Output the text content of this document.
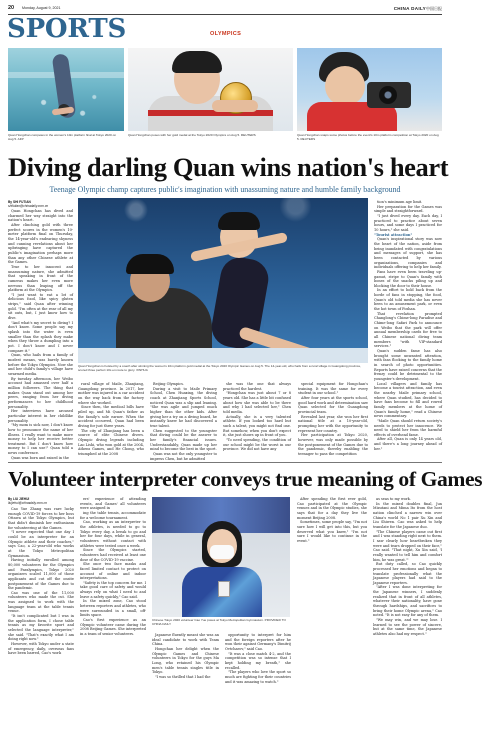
20 Monday, August 9, 2021	CHINA DAILY 中国日报
SPORTS	OLYMPICS
Quan Hongchan competes in the women's 10m platform final at Tokyo 2020 on Aug 5. AFP
Quan Hongchan poses with her gold medal at the Tokyo 2020 Olympics on Aug 5. REUTERS	Quan Hongchan snaps some photos before the event's 10m platform competition at Tokyo 2020 on Aug 5. REUTERS
Diving darling Quan wins nation's heart
Teenage Olympic champ captures public's imagination with unassuming nature and humble family background
By SHI FUTIAN
shifutian@chinadaily.com.cn

Quan Hongchan has dived and charmed her way straight into the nation's heart.

After clinching gold with three perfect scores in the women's 10-meter platform final on Thursday, the 14-year-old's endearing shyness and cunning revelations about her upbringing have captured the public's imagination perhaps more than any other Chinese athlete at the Games.

True to her innocent and unassuming nature, she admitted that speaking in front of the cameras makes her even more nervous than leaping off the platform at the Olympics.

"I just want to eat a lot of delicious food, like spicy gluten strips," said Quan after winning gold. "I'm often at the rear of all my sit outs, but, I just know how to dive.

"And what's my secret to diving? I don't know. Some people say my splash into the water is even smaller than the splash they make when they throw a dumpling into a pot. I don't know and I never compare it."

Quan, who hails from a family of modest means, was barely known before the Tokyo Olympics. Now she and her child's family's village have swarmed media.

By tuesday afternoon, her Weibo account had amassed over half a million followers. The thing that makes Quan stand out among her peers, ranging from her diving performances to her childhood personality.

Her interviews have aroused particular interest in her childlike personality.

"My mom is sick now, I don't know how to pronounce the name of her illness. I really want to make more money to help her receive better treatment. But I don't know how money to I can use!" Quan told a news conference.

Quan was born and raised in the

Quan Hongchan is hoisted by a coach after winning the women's 10m platform gold medal at the Tokyo 2020 Olympic Games on Aug 5. The 14-year-old, who hails from a rural village in Guangdong province, scored three perfect 10s en route to glory. XINHUA

rural village of Maile, Zhanjiang, Guangdong province. In 2017, her mother was injured in a car accident on the way back from the factory where she worked.

Since then, the medical bills have piled up, and Mi Quan's father as the family's sole earner. When the accident occurred, Quan had been diving for just three years.

The city of Zhanjiang has been a source of elite Chinese divers. Olympic diving legends including Lao Lishi, who won gold at the 2004, Athens Games, and He Chong, who triumphed at the 2008

Beijing Olympics.

During a visit to Maile Primary School, Chen Huaxing, the diving coach at Zhanjiang Sports School, noticed Quan was a slip and leaning. "She was agile and jumped much higher than the other kids. After giving her a try on a diving board, he instantly knew he had discovered a true talent.

Chen suggested to the youngster that diving could be the answer to her family's financial issues. Understandably, Quan made up her mind to become the best in the sport.

Quan was not the only youngster to impress Chen, but he admitted

she was the one that always practiced the hardest.

"Hongchan was just about 7 or 8 years old. She has a little bit confused about how she was able to be there and why I had selected her," Chen told media.

Actually, she is a very talented athlete. If you looked too hard but such a talent, you might not find one. But somehow, when you don't expect it, she just shows up in front of you.

"To need spending, the condition of our school might be the worst in our province. We did not have any

special equipment for Hongchan's training. It was the same for every student in our school."

After four years at the sports school, good hard work and determination saw Quan selected for the Guangdong provincial team.

Revealed last year, she won her first national title at a 10-year-old, prompting her with the opportunity to represent her country.

Her participation at Tokyo 2020, however, was only made possible by the postponement of the Games due to the pandemic, thereby enabling the teenager to pass the competition

tion's minimum age limit.

Her preparation for the Games was simple and straightforward.

"I just dived every day. Each day, I practiced to practice about seven hours, and some days I practiced for 10 hours," she said.

"Tourist attraction"

Quan's inspirational story was now the heart of the nation, aside from being inundated with congratulations and messages of support, she has been contacted by various organizations, companies and individuals offering to help her family.

Fans have even been traveling up-gamut, stripe to Quan's family with bones of the snacks piling up and blocking the door to their house.

In an effort to hold back from the horde of fans in stopping, the food, Quan's old told media she has never been to an amusement park, or even the hot town of Foshan.

That revelation prompted Changlong's Chime-long Paradise and Chime-long Safari Park to announce on Weibo that the park will offer annual membership cards for free to all Chinese national diving team members "with VIP-standard services."

Quan's sudden fame has also brought some unwanted attention, with fans flocking to the family home in search of photo opportunities. Reports have raised concerns that the frenzy could be detrimental to the youngster's development.

Local villagers and family has become a tourist attraction, and even the nearby Maile primary school, where Quan studied, has decided to have fans become to fill and rowed family members at the home of Quan's family home," read a Chinese news commentary.

"Maile Quan should return society's needs to protect her innocence. We need to shield her from the harmful effects of overhead fame.

After all, Quan is only 14 years old, and there's a long journey ahead of her."

Volunteer interpreter conveys true meaning of Games
By LIU JIEHUI
liujiehui@chinadaily.com.cn

Cao Yue Zhang was rare lucky enough COVID-19 forces to her boss Ottawa at the Tokyo Olympics, but that didn't diminish her enthusiasm for volunteering at the Games.

"I never expected that one day I could be an interpreter for an Olympic athlete and their coaches," says Cao, a 22-year-old who works at the Tokyo Metropolitan Gymnasium.

Having initially enrolled among 80,000 volunteers for the Olympics and Paralympics, Tokyo 2020 organizers scaled 11,000 of those applicants and cut off the onsite postponement of the Games due to the pandemic.

Cao was one of the 11,000 volunteers who made the cut. She was assigned to work with the language team at the table tennis venue.

"It isn't complicated but I was in the application form, I chose table tennis as my favorite sport and selected the language interpreter," she said. "That's exactly what I am doing right now."

However, with Tokyo under a state of emergency, daily, overseas fans have been barred, Cao's work

ers' experience of attending events, and Games' all volunteers were assigned in

ing the table tennis, accommodate for a welcome tournament.

Cao, working as an interpreter to the athletes, is needed to go to Tokyo every day, a break to go and her for four days, while in general, volunteers without contact with athletes were tested once a week.

Since the Olympics started, volunteers had received at least one dose of the COVID-19 vaccine.

She once two face masks and faced limited contact to protect on account of online and indoor interpretations.

"Safety is the top concern for me. I take good care of safety and would always rely on what I need to and leave a safety quickly," Cao said.

In the mixed zone, Cao stood between reporters and athletes, who were surrounded in a small, off-limits space.

Cao's first experience as an Olympic volunteer came during the 2008 Beijing Games. She interpreted in a team of senior volunteers.

Chinese Tokyo 2020 volunteer Cao Yue poses at Tokyo Metropolitan Gymnasium. PROVIDED TO CHINA DAILY

Japanese fluently meant she was an ideal candidate to work with Team China.

Hongchan her delight when the Olympic Games and Chinese volunteers in Tokyo for the guys Ma Long, who retained his Olympic men's table tennis singles title in Tokyo.

"I was so thrilled that I had the

opportunity to interpret for him and the foreign reporters after he won their against Germany's Dimitrij Ovtcharov," said Cao.

"It was a close match 4-2, and the competition was so intense that I kept holding my breath," she recalled.

"The players who love the sport so much are fighting for their countries and it was amazing to watch."

After spending the first ever gold, Cao participated at the Olympic venues and in the Olympic studies, she says that for a day they live the moment Beijing 2008.

Sometimes, some people say, "I'm not sure how I will get into this, but you deserved what you knew," "I'm not sure I would like to continue in the event."

as seas to my work.

In the mixed doubles final, Jun Mizutani and Mima Ito from the host nation clinched a narrow win over China's world No 1 pair Xu Xin and Liu Shiwen. Cao was asked to help translate for the Japanese duo.

"The Chinese players came out first and I was standing right next to them. I saw clearly how heartbroken they were and tears dropped on their face," Cao said. "That night, Xu Xin said, 'I really wanted to tell him and comfort him, he was great.'"

But duty called, so Cao quickly processed her emotions and began to translate professionally what the Japanese players had said to the Japanese reporters.

"After I was done interpreting for the Japanese winners, I suddenly realized that in front of all athletes, whatever their nationality, have gone through hardships, and sacrifices to bring their home Olympic arena," Cao noted. "It is not easy for any of them.

"We may win, and we may lose. I learned to see the power of sincere, but at the same time, the Japanese athletes also had my respect."
